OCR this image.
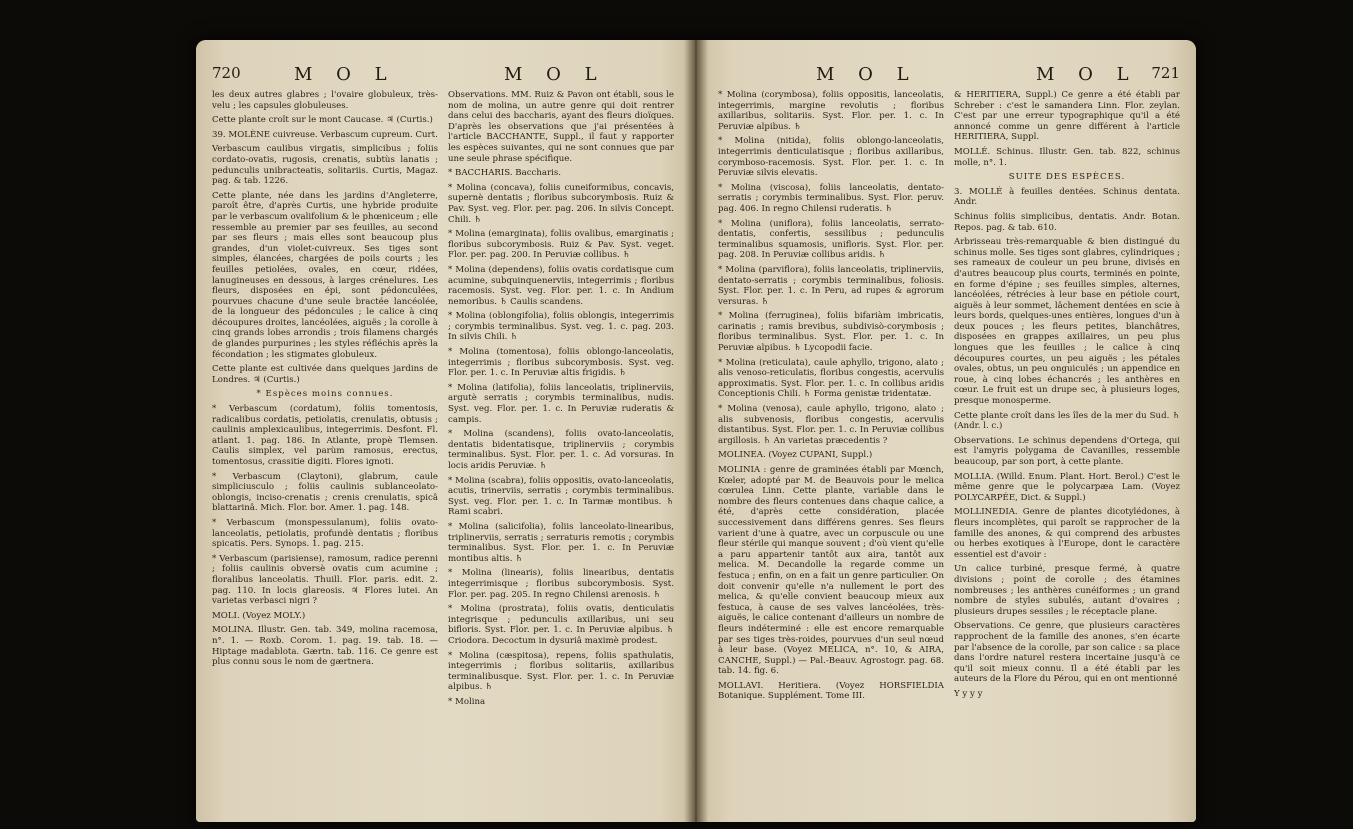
720	M O L	M O L

les deux autres glabres ; l'ovaire globuleux, très-velu ; les capsules globuleuses.

Cette plante croît sur le mont Caucase. ♃ (Curtis.)

39. MOLÈNE cuivreuse. Verbascum cupreum. Curt.

Verbascum caulibus virgatis, simplicibus ; foliis cordato-ovatis, rugosis, crenatis, subtùs lanatis ; pedunculis unibracteatis, solitariis. Curtis, Magaz. pag. & tab. 1226.

Cette plante, née dans les jardins d'Angleterre, paroît être, d'après Curtis, une hybride produite par le verbascum ovalifolium & le phœniceum ; elle ressemble au premier par ses feuilles, au second par ses fleurs ; mais elles sont beaucoup plus grandes, d'un violet-cuivreux. Ses tiges sont simples, élancées, chargées de poils courts ; les feuilles petiolées, ovales, en cœur, ridées, lanugineuses en dessous, à larges crénelures. Les fleurs, disposées en épi, sont pédonculées, pourvues chacune d'une seule bractée lancéolée, de la longueur des pédoncules ; le calice à cinq découpures droites, lancéolées, aiguës ; la corolle à cinq grands lobes arrondis ; trois filamens chargés de glandes purpurines ; les styles réfléchis après la fécondation ; les stigmates globuleux.

Cette plante est cultivée dans quelques jardins de Londres. ♃ (Curtis.)

* Espèces moins connues.

* Verbascum (cordatum), foliis tomentosis, radicalibus cordatis, petiolatis, crenulatis, obtusis ; caulinis amplexicaulibus, integerrimis. Desfont. Fl. atlant. 1. pag. 186. In Atlante, propè Tlemsen. Caulis simplex, vel parùm ramosus, erectus, tomentosus, crassitie digiti. Flores ignoti.

* Verbascum (Claytoni), glabrum, caule simpliciusculo ; foliis caulinis sublanceolato-oblongis, inciso-crenatis ; crenis crenulatis, spicâ blattarinâ. Mich. Flor. bor. Amer. 1. pag. 148.

* Verbascum (monspessulanum), foliis ovato-lanceolatis, petiolatis, profundè dentatis ; floribus spicatis. Pers. Synops. 1. pag. 215.

* Verbascum (parisiense), ramosum, radice perenni ; foliis caulinis obversè ovatis cum acumine ; floralibus lanceolatis. Thuill. Flor. paris. edit. 2. pag. 110. In locis glareosis. ♃ Flores lutei. An varietas verbasci nigri ?

MOLI. (Voyez MOLY.)

MOLINA. Illustr. Gen. tab. 349, molina racemosa, n°. 1. — Roxb. Corom. 1. pag. 19. tab. 18. — Hiptage madablota. Gærtn. tab. 116. Ce genre est plus connu sous le nom de gærtnera.

Observations. MM. Ruiz & Pavon ont établi, sous le nom de molina, un autre genre qui doit rentrer dans celui des baccharis, ayant des fleurs dioïques. D'après les observations que j'ai présentées à l'article BACCHANTE, Suppl., il faut y rapporter les espèces suivantes, qui ne sont connues que par une seule phrase spécifique.

* BACCHARIS. Baccharis.

* Molina (concava), foliis cuneiformibus, concavis, supernè dentatis ; floribus subcorymbosis. Ruiz & Pav. Syst. veg. Flor. per. pag. 206. In silvis Concept. Chili. ♄

* Molina (emarginata), foliis ovalibus, emarginatis ; floribus subcorymbosis. Ruiz & Pav. Syst. veget. Flor. per. pag. 200. In Peruviæ collibus. ♄

* Molina (dependens), foliis ovatis cordatisque cum acumine, subquinquenerviis, integerrimis ; floribus racemosis. Syst. veg. Flor. per. 1. c. In Andium nemoribus. ♄ Caulis scandens.

* Molina (oblongifolia), foliis oblongis, integerrimis ; corymbis terminalibus. Syst. veg. 1. c. pag. 203. In silvis Chili. ♄

* Molina (tomentosa), foliis oblongo-lanceolatis, integerrimis ; floribus subcorymbosis. Syst. veg. Flor. per. 1. c. In Peruviæ altis frigidis. ♄

* Molina (latifolia), foliis lanceolatis, triplinerviis, argutè serratis ; corymbis terminalibus, nudis. Syst. veg. Flor. per. 1. c. In Peruviæ ruderatis & campis.

* Molina (scandens), foliis ovato-lanceolatis, dentatis bidentatisque, triplinerviis ; corymbis terminalibus. Syst. Flor. per. 1. c. Ad vorsuras. In locis aridis Peruviæ. ♄

* Molina (scabra), foliis oppositis, ovato-lanceolatis, acutis, trinerviis, serratis ; corymbis terminalibus. Syst. veg. Flor. per. 1. c. In Tarmæ montibus. ♄ Rami scabri.

* Molina (salicifolia), foliis lanceolato-linearibus, triplinerviis, serratis ; serraturis remotis ; corymbis terminalibus. Syst. Flor. per. 1. c. In Peruviæ montibus altis. ♄

* Molina (linearis), foliis linearibus, dentatis integerrimisque ; floribus subcorymbosis. Syst. Flor. per. pag. 205. In regno Chilensi arenosis. ♄

* Molina (prostrata), foliis ovatis, denticulatis integrisque ; pedunculis axillaribus, uni seu bifloris. Syst. Flor. per. 1. c. In Peruviæ alpibus. ♄ Criodora. Decoctum in dysuriâ maximè prodest.

* Molina (cæspitosa), repens, foliis spathulatis, integerrimis ; floribus solitariis, axillaribus terminalibusque. Syst. Flor. per. 1. c. In Peruviæ alpibus. ♄

* Molina

M O L	M O L 721

* Molina (corymbosa), foliis oppositis, lanceolatis, integerrimis, margine revolutis ; floribus axillaribus, solitariis. Syst. Flor. per. 1. c. In Peruviæ alpibus. ♄

* Molina (nitida), foliis oblongo-lanceolatis, integerrimis denticulatisque ; floribus axillaribus, corymboso-racemosis. Syst. Flor. per. 1. c. In Peruviæ silvis elevatis.

* Molina (viscosa), foliis lanceolatis, dentato-serratis ; corymbis terminalibus. Syst. Flor. peruv. pag. 406. In regno Chilensi ruderatis. ♄

* Molina (uniflora), foliis lanceolatis, serrato-dentatis, confertis, sessilibus ; pedunculis terminalibus squamosis, unifloris. Syst. Flor. per. pag. 208. In Peruviæ collibus aridis. ♄

* Molina (parviflora), foliis lanceolatis, triplinerviis, dentato-serratis ; corymbis terminalibus, foliosis. Syst. Flor. per. 1. c. In Peru, ad rupes & agrorum versuras. ♄

* Molina (ferruginea), foliis bifariàm imbricatis, carinatis ; ramis brevibus, subdivisò-corymbosis ; floribus terminalibus. Syst. Flor. per. 1. c. In Peruviæ alpibus. ♄ Lycopodii facie.

* Molina (reticulata), caule aphyllo, trigono, alato ; alis venoso-reticulatis, floribus congestis, acervulis approximatis. Syst. Flor. per. 1. c. In collibus aridis Conceptionis Chili. ♄ Forma genistæ tridentatæ.

* Molina (venosa), caule aphyllo, trigono, alato ; alis subvenosis, floribus congestis, acervulis distantibus. Syst. Flor. per. 1. c. In Peruviæ collibus argillosis. ♄ An varietas præcedentis ?

MOLINEA. (Voyez CUPANI, Suppl.)

MOLINIA : genre de graminées établi par Mœnch, Kœler, adopté par M. de Beauvois pour le melica cœrulea Linn. Cette plante, variable dans le nombre des fleurs contenues dans chaque calice, a été, d'après cette considération, placée successivement dans différens genres. Ses fleurs varient d'une à quatre, avec un corpuscule ou une fleur stérile qui manque souvent ; d'où vient qu'elle a paru appartenir tantôt aux aira, tantôt aux melica. M. Decandolle la regarde comme un festuca ; enfin, on en a fait un genre particulier. On doit convenir qu'elle n'a nullement le port des melica, & qu'elle convient beaucoup mieux aux festuca, à cause de ses valves lancéolées, très-aiguës, le calice contenant d'ailleurs un nombre de fleurs indéterminé : elle est encore remarquable par ses tiges très-roides, pourvues d'un seul nœud à leur base. (Voyez MELICA, n°. 10, & AIRA, CANCHE, Suppl.) — Pal.-Beauv. Agrostogr. pag. 68. tab. 14. fig. 6.

MOLLAVI. Heritiera. (Voyez HORSFIELDIA Botanique. Supplément. Tome III.

& HERITIERA, Suppl.) Ce genre a été établi par Schreber : c'est le samandera Linn. Flor. zeylan. C'est par une erreur typographique qu'il a été annoncé comme un genre différent à l'article HERITIERA, Suppl.

MOLLÉ. Schinus. Illustr. Gen. tab. 822, schinus molle, n°. 1.

SUITE DES ESPÈCES.

3. MOLLÉ à feuilles dentées. Schinus dentata. Andr.

Schinus foliis simplicibus, dentatis. Andr. Botan. Repos. pag. & tab. 610.

Arbrisseau très-remarquable & bien distingué du schinus molle. Ses tiges sont glabres, cylindriques ; ses rameaux de couleur un peu brune, divisés en d'autres beaucoup plus courts, terminés en pointe, en forme d'épine ; ses feuilles simples, alternes, lancéolées, rétrécies à leur base en pétiole court, aiguës à leur sommet, lâchement dentées en scie à leurs bords, quelques-unes entières, longues d'un à deux pouces ; les fleurs petites, blanchâtres, disposées en grappes axillaires, un peu plus longues que les feuilles ; le calice à cinq découpures courtes, un peu aiguës ; les pétales ovales, obtus, un peu onguiculés ; un appendice en roue, à cinq lobes échancrés ; les anthères en cœur. Le fruit est un drupe sec, à plusieurs loges, presque monosperme.

Cette plante croît dans les îles de la mer du Sud. ♄ (Andr. l. c.)

Observations. Le schinus dependens d'Ortega, qui est l'amyris polygama de Cavanilles, ressemble beaucoup, par son port, à cette plante.

MOLLIA. (Willd. Enum. Plant. Hort. Berol.) C'est le même genre que le polycarpæa Lam. (Voyez POLYCARPÉE, Dict. & Suppl.)

MOLLINEDIA. Genre de plantes dicotylédones, à fleurs incomplètes, qui paroît se rapprocher de la famille des anones, & qui comprend des arbustes ou herbes exotiques à l'Europe, dont le caractère essentiel est d'avoir :

Un calice turbiné, presque fermé, à quatre divisions ; point de corolle ; des étamines nombreuses ; les anthères cunéiformes ; un grand nombre de styles subulés, autant d'ovaires ; plusieurs drupes sessiles ; le réceptacle plane.

Observations. Ce genre, que plusieurs caractères rapprochent de la famille des anones, s'en écarte par l'absence de la corolle, par son calice : sa place dans l'ordre naturel restera incertaine jusqu'à ce qu'il soit mieux connu. Il a été établi par les auteurs de la Flore du Pérou, qui en ont mentionné

Y y y y
